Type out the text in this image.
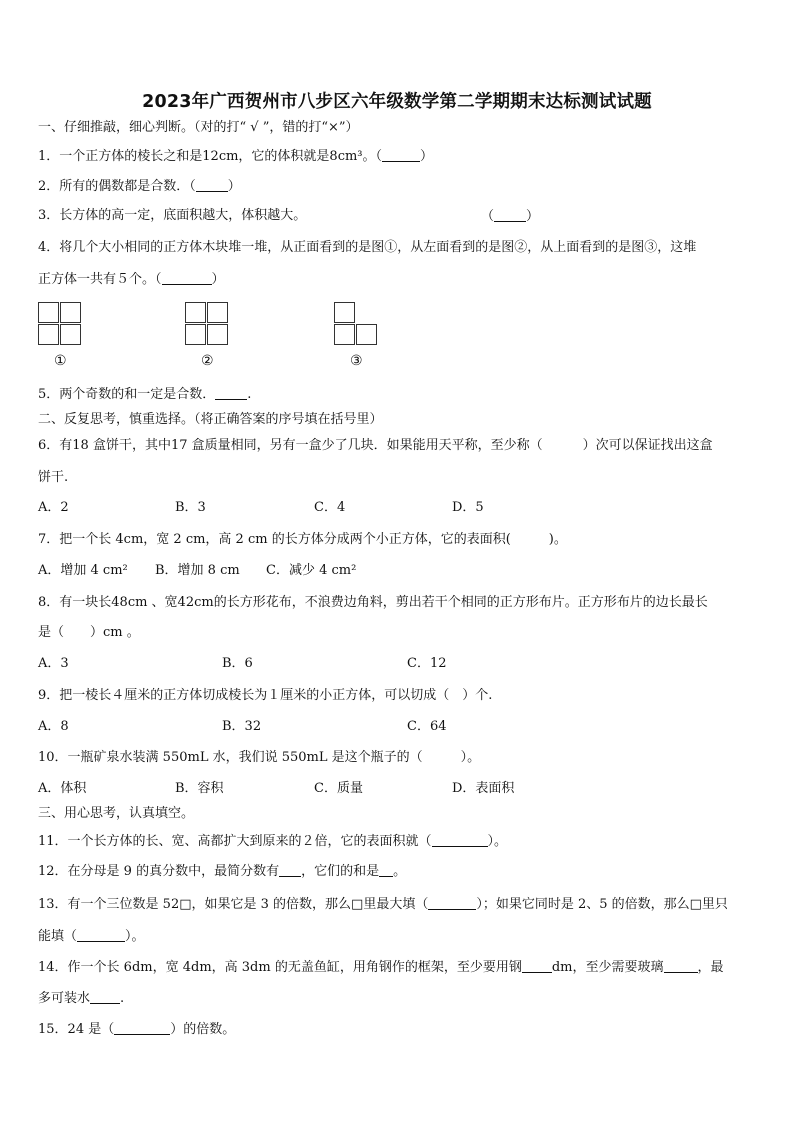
2023年广西贺州市八步区六年级数学第二学期期末达标测试试题
一、仔细推敲，细心判断。（对的打“ √ ”，错的打“×”）
1．一个正方体的棱长之和是12cm，它的体积就是8cm³。（	）
2．所有的偶数都是合数．（ ）
3．长方体的高一定，底面积越大，体积越大。	（ ）
4．将几个大小相同的正方体木块堆一堆，从正面看到的是图①，从左面看到的是图②，从上面看到的是图③，这堆
正方体一共有５个。（	）
①	②	③
5．两个奇数的和一定是合数． .
二、反复思考，慎重选择。（将正确答案的序号填在括号里）
6．有18 盒饼干，其中17 盒质量相同，另有一盒少了几块．如果能用天平称，至少称（	）次可以保证找出这盒
饼干.
A．2	B．3	C．4	D．5
7．把一个长 4cm，宽 2 cm，高 2 cm 的长方体分成两个小正方体，它的表面积(	)。
A．增加 4 cm² B．增加 8 cm C．减少 4 cm²
8．有一块长48cm 、宽42cm的长方形花布，不浪费边角料，剪出若干个相同的正方形布片。正方形布片的边长最长
是（　　）cm 。
A．3	B．6	C．12
9．把一棱长４厘米的正方体切成棱长为１厘米的小正方体，可以切成（　）个.
A．8	B．32	C．64
10．一瓶矿泉水装满 550mL 水，我们说 550mL 是这个瓶子的（	）。
A．体积	B．容积	C．质量	D．表面积
三、用心思考，认真填空。
11．一个长方体的长、宽、高都扩大到原来的２倍，它的表面积就（	）。
12．在分母是 9 的真分数中，最简分数有 ，它们的和是 。
13．有一个三位数是 52□，如果它是 3 的倍数，那么□里最大填（	）；如果它同时是 2、5 的倍数，那么□里只
能填（	）。
14．作一个长 6dm，宽 4dm，高 3dm 的无盖鱼缸，用角钢作的框架，至少要用钢 dm，至少需要玻璃	，最
多可装水 .
15．24 是（	）的倍数。
